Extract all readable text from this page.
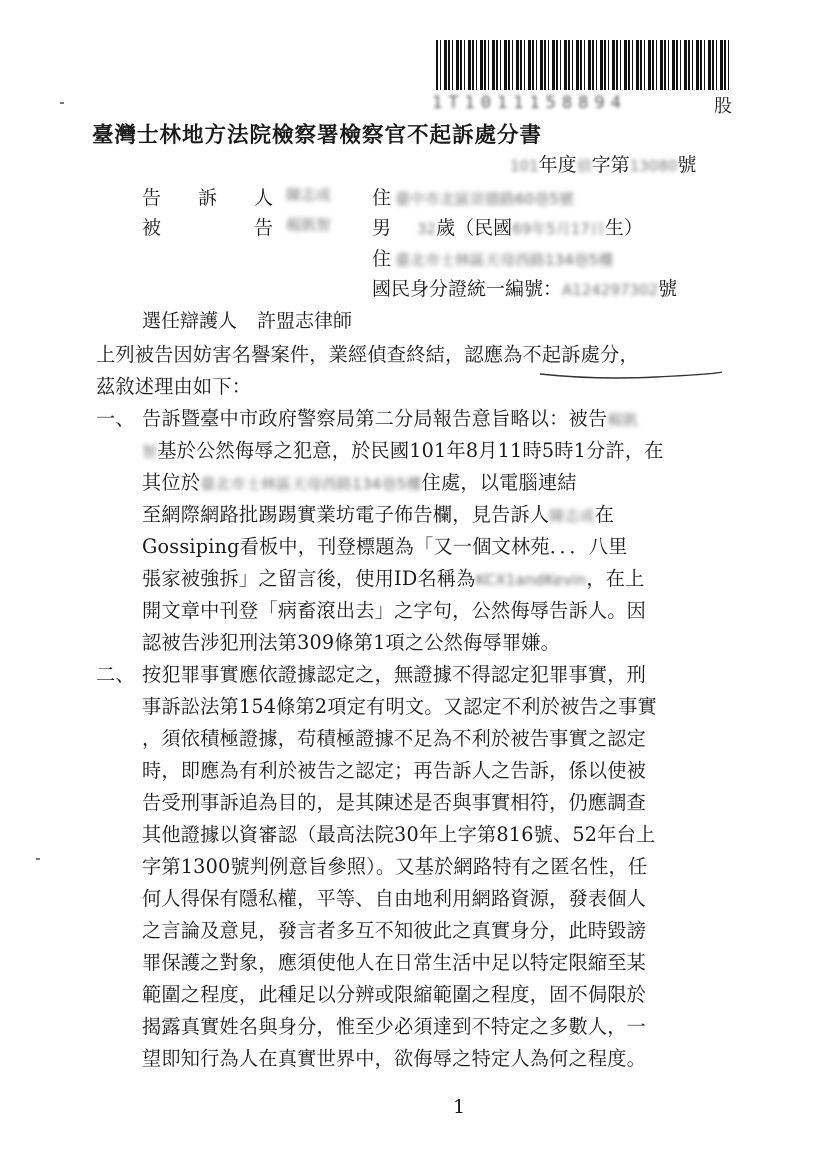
1T1011158894	股
臺灣士林地方法院檢察署檢察官不起訴處分書
101年度偵字第13080號
告　訴　人 陳志成 住 臺中市北區崇德路60巷5號
被　　　告 楊凱智 男 32歲（民國69年5月17日生）
住 臺北市士林區天母西路134巷5樓
國民身分證統一編號：A124297302號
選任辯護人 許盟志律師
上列被告因妨害名譽案件，業經偵查終結，認應為不起訴處分，
茲敘述理由如下：
一、 告訴暨臺中市政府警察局第二分局報告意旨略以：被告楊凱
智基於公然侮辱之犯意，於民國101年8月11時5時1分許，在
其位於臺北市士林區天母西路134巷5樓住處，以電腦連結
至網際網路批踢踢實業坊電子佈告欄，見告訴人陳志成在
Gossiping看板中，刊登標題為「又一個文林苑．．．八里
張家被強拆」之留言後，使用ID名稱為KCX1andKevin，在上
開文章中刊登「病畜滾出去」之字句，公然侮辱告訴人。因
認被告涉犯刑法第309條第1項之公然侮辱罪嫌。
二、 按犯罪事實應依證據認定之，無證據不得認定犯罪事實，刑
事訴訟法第154條第2項定有明文。又認定不利於被告之事實
，須依積極證據，苟積極證據不足為不利於被告事實之認定
時，即應為有利於被告之認定；再告訴人之告訴，係以使被
告受刑事訴追為目的，是其陳述是否與事實相符，仍應調查
其他證據以資審認（最高法院30年上字第816號、52年台上
字第1300號判例意旨參照）。又基於網路特有之匿名性，任
何人得保有隱私權，平等、自由地利用網路資源，發表個人
之言論及意見，發言者多互不知彼此之真實身分，此時毀謗
罪保護之對象，應須使他人在日常生活中足以特定限縮至某
範圍之程度，此種足以分辨或限縮範圍之程度，固不侷限於
揭露真實姓名與身分，惟至少必須達到不特定之多數人，一
望即知行為人在真實世界中，欲侮辱之特定人為何之程度。
1
